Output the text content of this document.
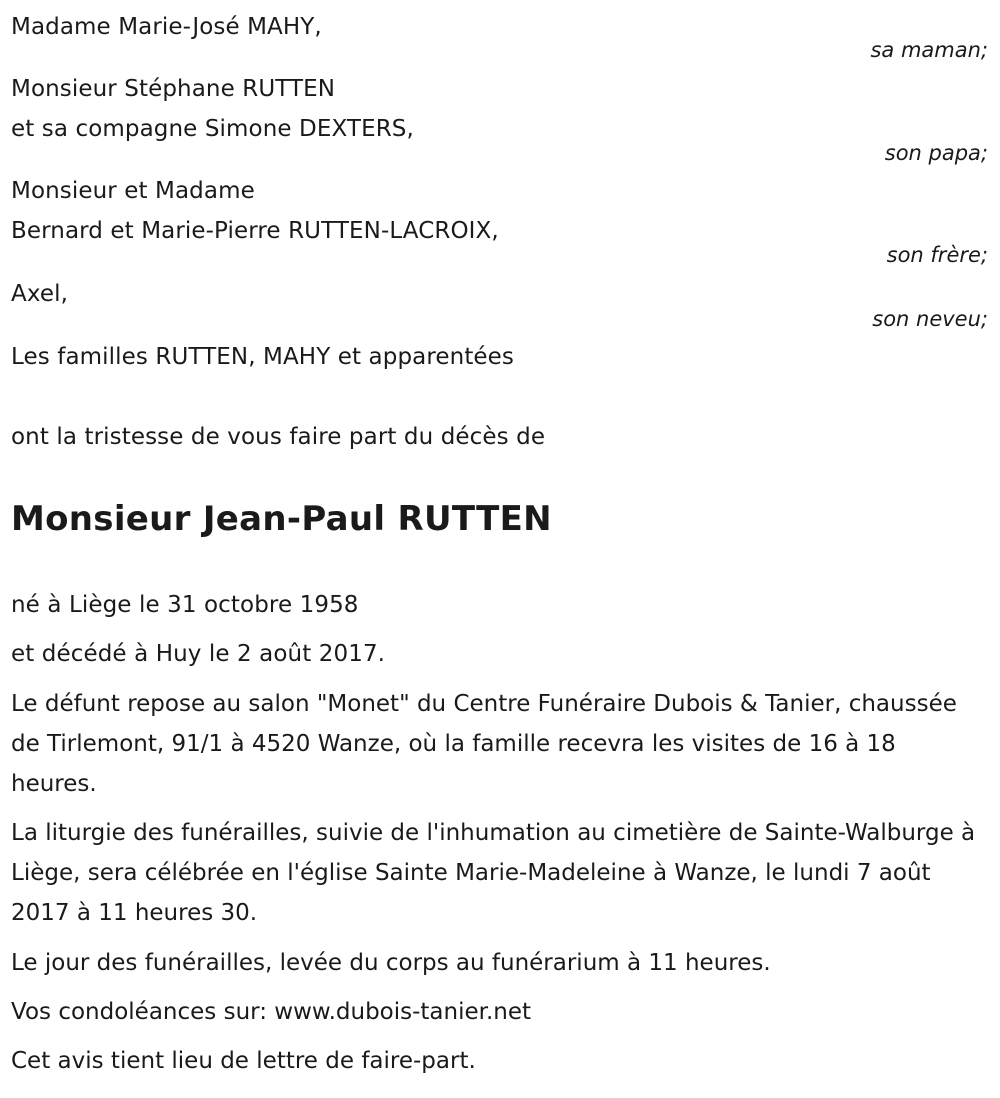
Madame Marie-José MAHY,
sa maman;
Monsieur Stéphane RUTTEN
et sa compagne Simone DEXTERS,
son papa;
Monsieur et Madame
Bernard et Marie-Pierre RUTTEN-LACROIX,
son frère;
Axel,
son neveu;
Les familles RUTTEN, MAHY et apparentées
ont la tristesse de vous faire part du décès de
Monsieur Jean-Paul RUTTEN
né à Liège le 31 octobre 1958
et décédé à Huy le 2 août 2017.
Le défunt repose au salon "Monet" du Centre Funéraire Dubois & Tanier, chaussée de Tirlemont, 91/1 à 4520 Wanze, où la famille recevra les visites de 16 à 18 heures.
La liturgie des funérailles, suivie de l'inhumation au cimetière de Sainte-Walburge à Liège, sera célébrée en l'église Sainte Marie-Madeleine à Wanze, le lundi 7 août 2017 à 11 heures 30.
Le jour des funérailles, levée du corps au funérarium à 11 heures.
Vos condoléances sur: www.dubois-tanier.net
Cet avis tient lieu de lettre de faire-part.
